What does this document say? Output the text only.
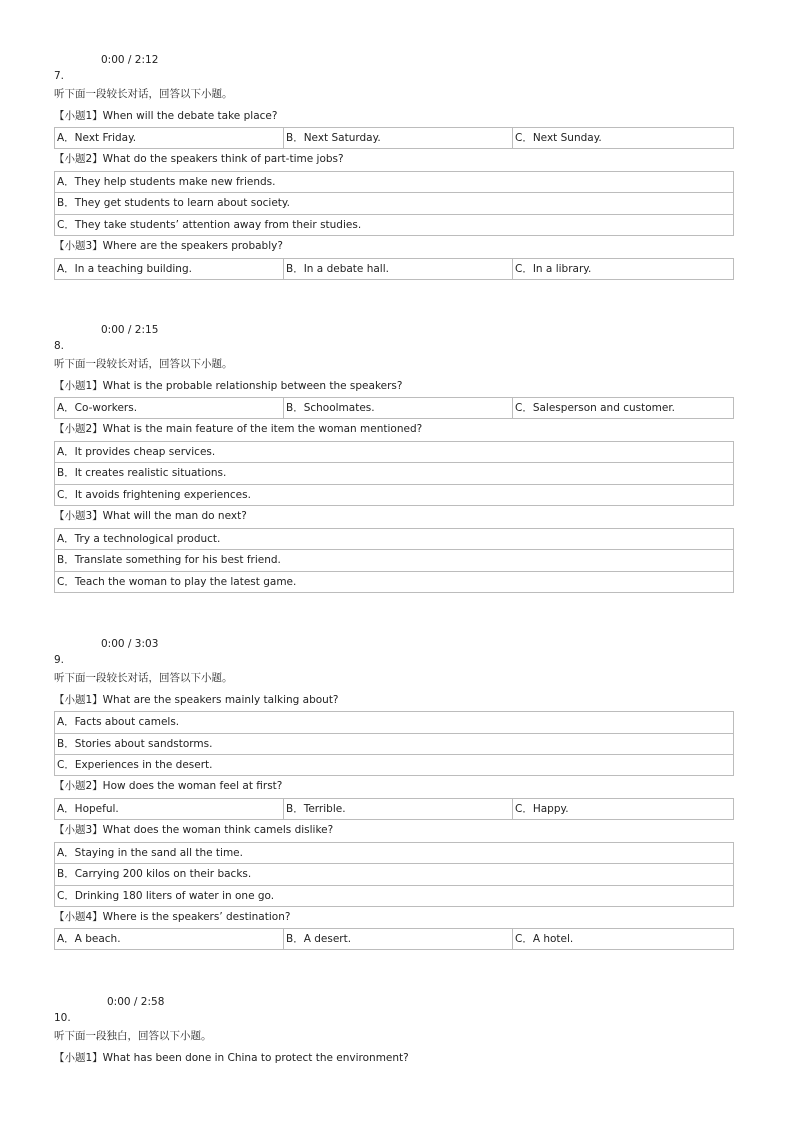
0:00 / 2:12
7.
听下面一段较长对话，回答以下小题。
【小题1】When will the debate take place?
A．Next Friday.	B．Next Saturday.	C．Next Sunday.
【小题2】What do the speakers think of part-time jobs?
A．They help students make new friends.
B．They get students to learn about society.
C．They take students’ attention away from their studies.
【小题3】Where are the speakers probably?
A．In a teaching building.	B．In a debate hall.	C．In a library.
0:00 / 2:15
8.
听下面一段较长对话，回答以下小题。
【小题1】What is the probable relationship between the speakers?
A．Co-workers.	B．Schoolmates.	C．Salesperson and customer.
【小题2】What is the main feature of the item the woman mentioned?
A．It provides cheap services.
B．It creates realistic situations.
C．It avoids frightening experiences.
【小题3】What will the man do next?
A．Try a technological product.
B．Translate something for his best friend.
C．Teach the woman to play the latest game.
0:00 / 3:03
9.
听下面一段较长对话，回答以下小题。
【小题1】What are the speakers mainly talking about?
A．Facts about camels.
B．Stories about sandstorms.
C．Experiences in the desert.
【小题2】How does the woman feel at first?
A．Hopeful.	B．Terrible.	C．Happy.
【小题3】What does the woman think camels dislike?
A．Staying in the sand all the time.
B．Carrying 200 kilos on their backs.
C．Drinking 180 liters of water in one go.
【小题4】Where is the speakers’ destination?
A．A beach.	B．A desert.	C．A hotel.
0:00 / 2:58
10.
听下面一段独白，回答以下小题。
【小题1】What has been done in China to protect the environment?
